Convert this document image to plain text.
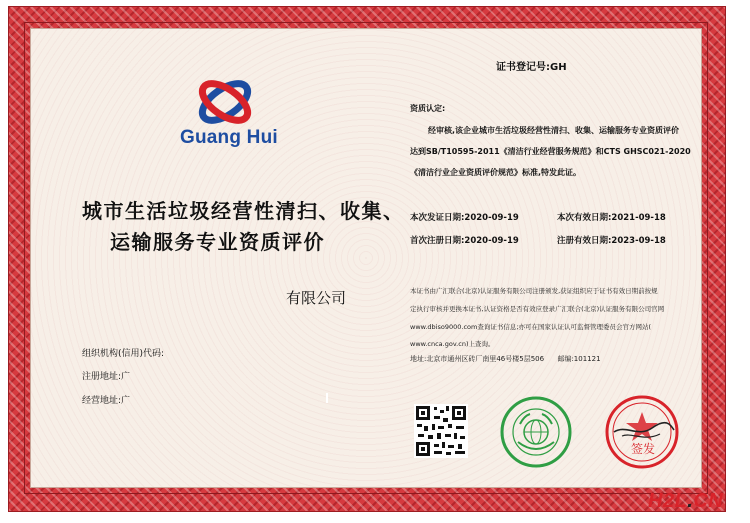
Guang Hui
证书登记号:GH
资质认定:
经审核,该企业城市生活垃圾经营性清扫、收集、运输服务专业资质评价
达到SB/T10595-2011《清洁行业经营服务规范》和CTS GHSC021-2020
《清洁行业企业资质评价规范》标准,特发此证。
城市生活垃圾经营性清扫、收集、
运输服务专业资质评价
本次发证日期:2020-09-19	本次有效日期:2021-09-18
首次注册日期:2020-09-19	注册有效日期:2023-09-18
有限公司
组织机构(信用)代码:
注册地址:广
经营地址:广
本证书由广汇联合(北京)认证服务有限公司注册颁发,获证组织应于证书有效日期前按规
定执行审核并更换本证书,认证资格是否有效应登录广汇联合(北京)认证服务有限公司官网
www.dbiso9000.com查询证书信息;亦可在国家认证认可监督管理委员会官方网站(
www.cnca.gov.cn)上查询。
地址:北京市通州区砖厂南里46号楼5层506 邮编:101121
签发
H2L.CN
